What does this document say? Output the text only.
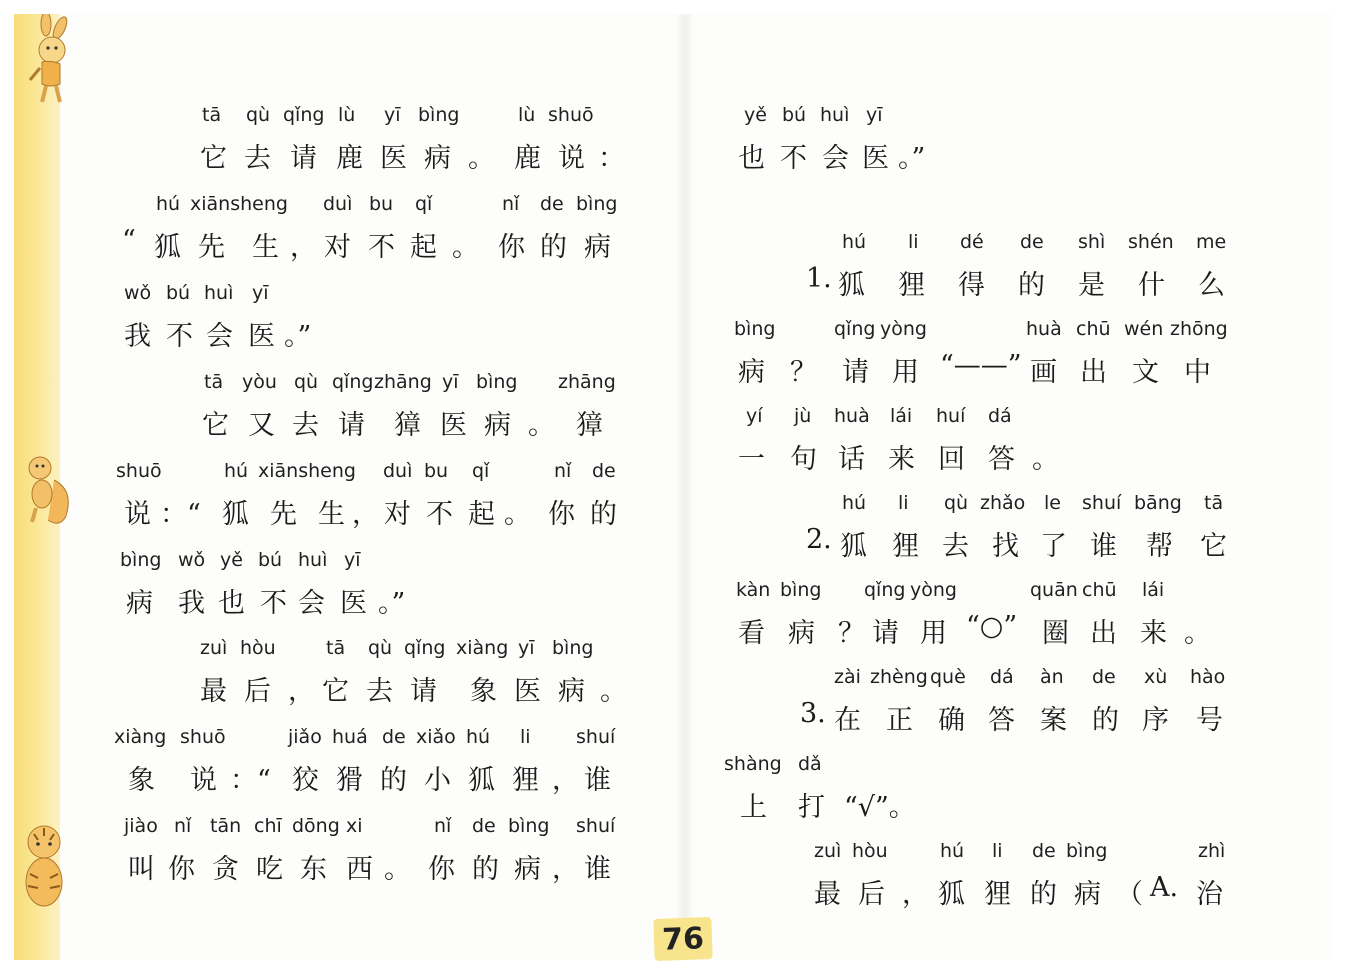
tā qù qǐng lù yī bìng	lù shuō
它 去 请 鹿 医 病 。 鹿 说 ：
hú xiānsheng duì bu qǐ	nǐ de bìng
“ 狐 先 生 ， 对 不 起 。 你 的 病
wǒ bú huì yī
我 不 会 医 。”
tā yòu qù qǐng zhāng yī bìng zhāng
它 又 去 请 獐 医 病 。 獐
shuō	hú xiānsheng duì bu qǐ	nǐ de
说 ：“ 狐 先 生 ， 对 不 起 。 你 的
bìng wǒ yě bú huì yī
病 我 也 不 会 医 。”
zuì hòu	tā qù qǐng xiàng yī bìng
最 后 ， 它 去 请 象 医 病 。
xiàng shuō	jiǎo huá de xiǎo hú li shuí
象 说 ：“ 狡 猾 的 小 狐 狸 ， 谁
jiào nǐ tān chī dōng xi	nǐ de bìng shuí
叫 你 贪 吃 东 西 。 你 的 病 ， 谁
yě bú huì yī
也 不 会 医 。”
hú li dé de shì shén me
1. 狐 狸 得 的 是 什 么
bìng	qǐng yòng	huà chū wén zhōng
病 ？ 请 用 “——” 画 出 文 中
yí jù huà lái huí dá
一 句 话 来 回 答 。
hú li qù zhǎo le shuí bāng tā
2. 狐 狸 去 找 了 谁 帮 它
kàn bìng qǐng yòng	quān chū lái
看 病 ？ 请 用 “○” 圈 出 来 。
zài zhèng què dá àn de xù hào
3. 在 正 确 答 案 的 序 号
shàng dǎ
上 打 “√”。
zuì hòu	hú li de bìng	zhì
最 后 ， 狐 狸 的 病 （ A. 治
76
